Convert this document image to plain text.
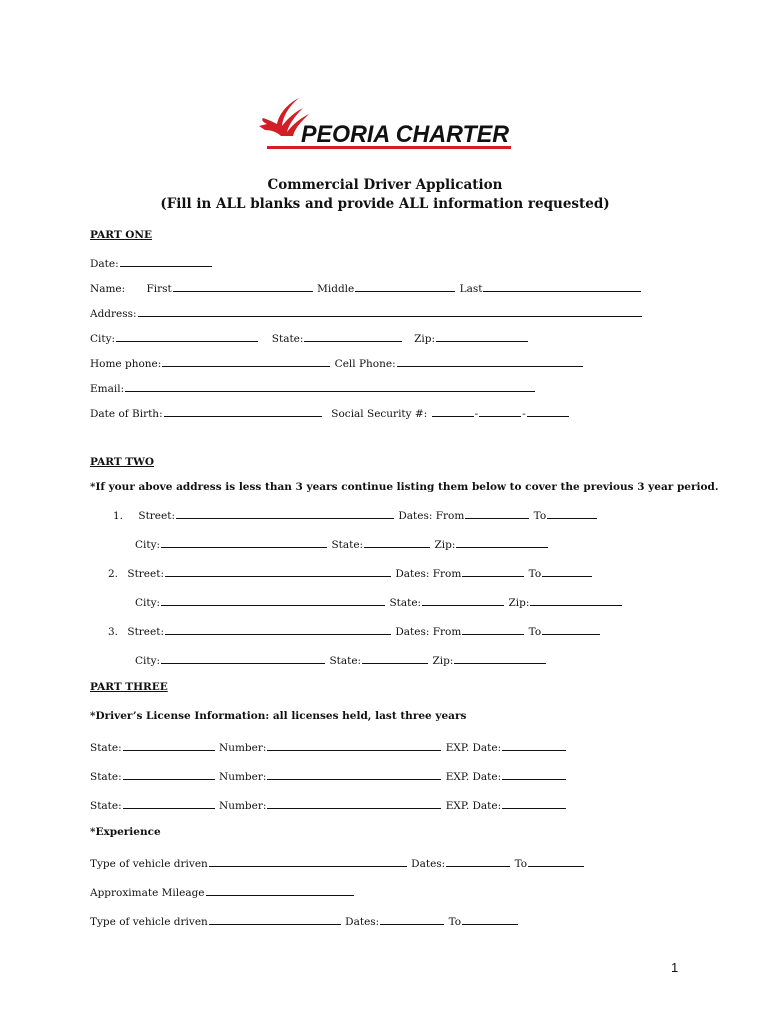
PEORIA CHARTER
Commercial Driver Application
(Fill in ALL blanks and provide ALL information requested)
PART ONE
Date:
Name: First	Middle	Last
Address:
City:	State:	Zip:
Home phone:	Cell Phone:
Email:
Date of Birth:	Social Security #:	-	-
PART TWO
*If your above address is less than 3 years continue listing them below to cover the previous 3 year period.
1. Street:	Dates: From	To
City:	State:	Zip:
2. Street:	Dates: From	To
City:	State:	Zip:
3. Street:	Dates: From	To
City:	State:	Zip:
PART THREE
*Driver’s License Information: all licenses held, last three years
State:	Number:	EXP. Date:
State:	Number:	EXP. Date:
State:	Number:	EXP. Date:
*Experience
Type of vehicle driven	Dates:	To
Approximate Mileage
Type of vehicle driven	Dates:	To
1
